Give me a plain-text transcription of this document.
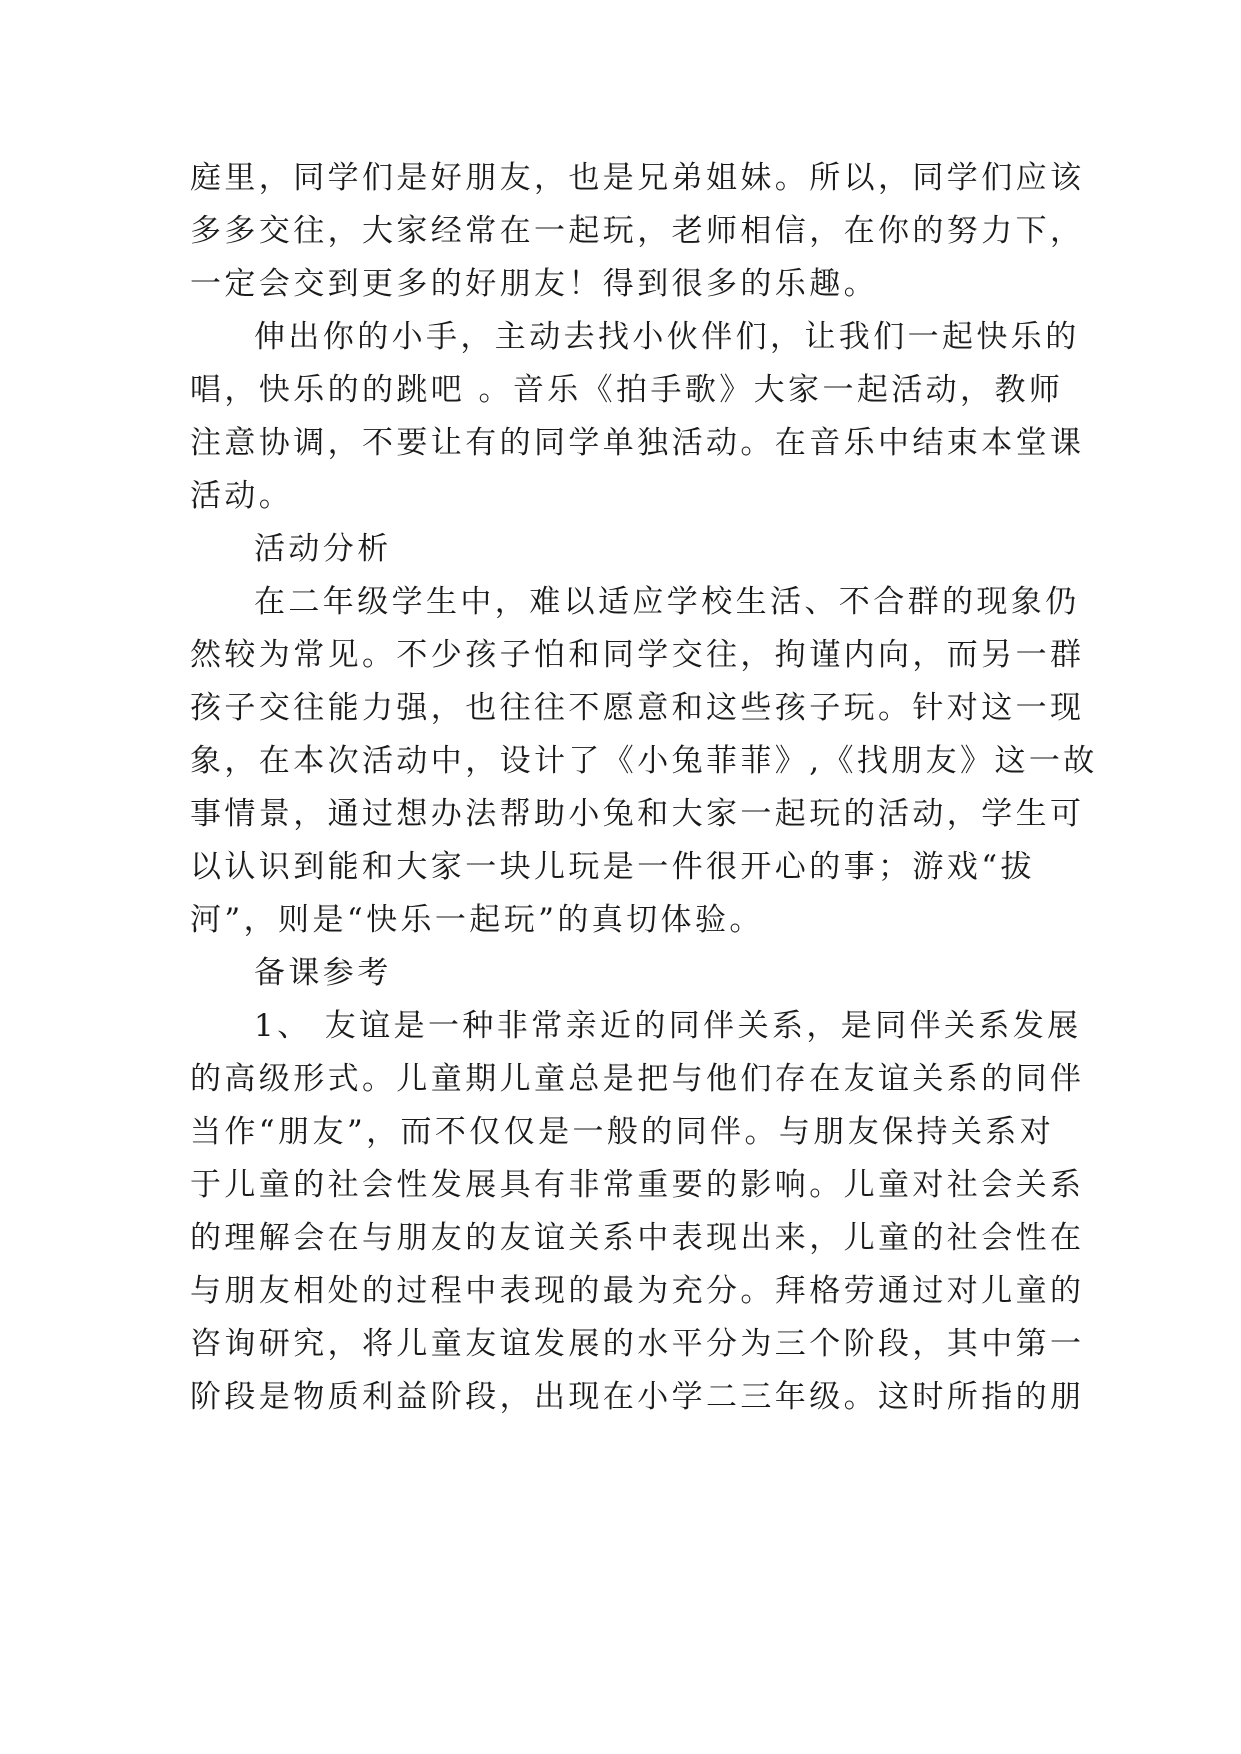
庭里，同学们是好朋友，也是兄弟姐妹。所以，同学们应该
多多交往，大家经常在一起玩，老师相信，在你的努力下，
一定会交到更多的好朋友！得到很多的乐趣。
伸出你的小手，主动去找小伙伴们，让我们一起快乐的
唱，快乐的的跳吧 。音乐《拍手歌》大家一起活动，教师
注意协调，不要让有的同学单独活动。在音乐中结束本堂课
活动。
活动分析
在二年级学生中，难以适应学校生活、不合群的现象仍
然较为常见。不少孩子怕和同学交往，拘谨内向，而另一群
孩子交往能力强，也往往不愿意和这些孩子玩。针对这一现
象，在本次活动中，设计了《小兔菲菲》,《找朋友》这一故
事情景，通过想办法帮助小兔和大家一起玩的活动，学生可
以认识到能和大家一块儿玩是一件很开心的事；游戏“拔
河”，则是“快乐一起玩”的真切体验。
备课参考
1、 友谊是一种非常亲近的同伴关系，是同伴关系发展
的高级形式。儿童期儿童总是把与他们存在友谊关系的同伴
当作“朋友”，而不仅仅是一般的同伴。与朋友保持关系对
于儿童的社会性发展具有非常重要的影响。儿童对社会关系
的理解会在与朋友的友谊关系中表现出来，儿童的社会性在
与朋友相处的过程中表现的最为充分。拜格劳通过对儿童的
咨询研究，将儿童友谊发展的水平分为三个阶段，其中第一
阶段是物质利益阶段，出现在小学二三年级。这时所指的朋
